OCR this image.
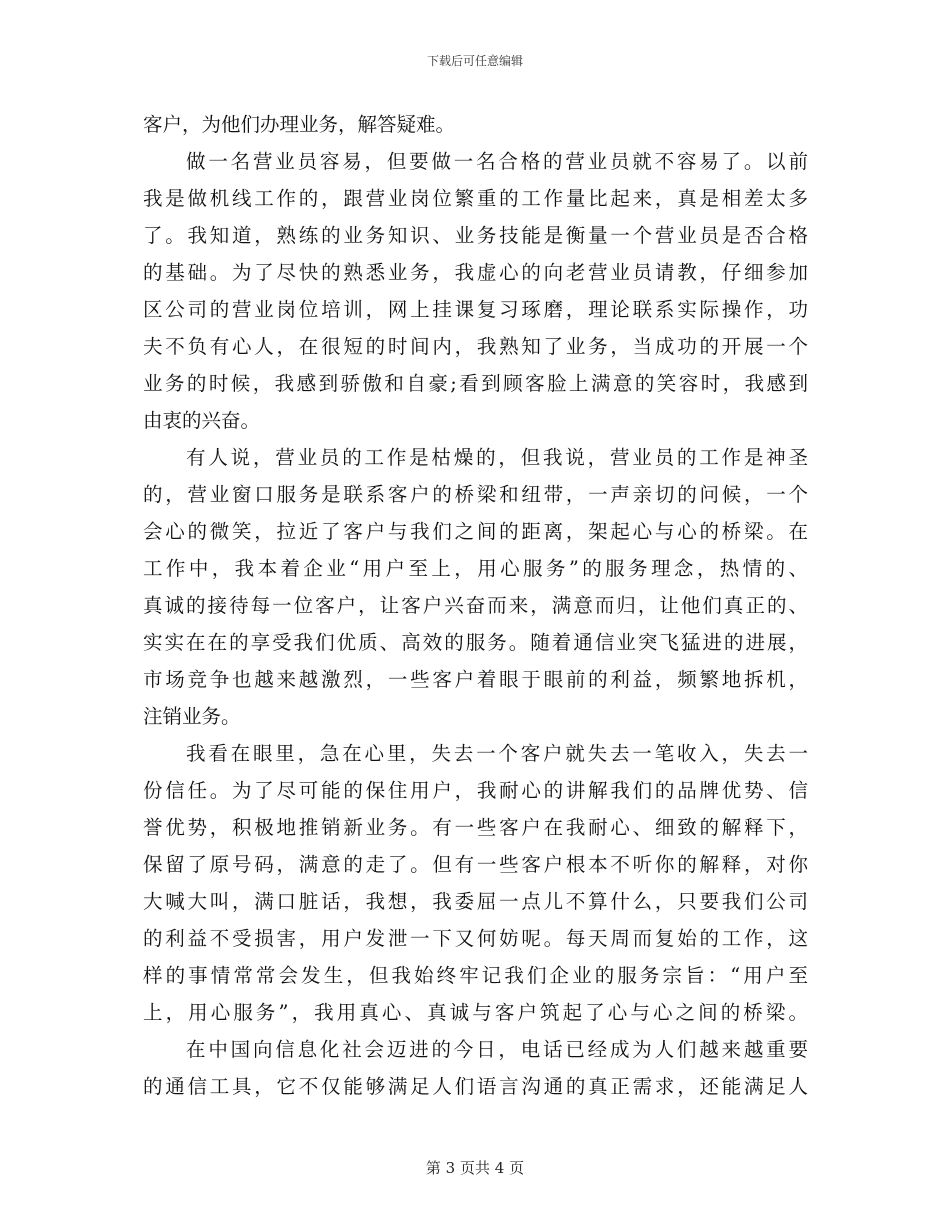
下载后可任意编辑
客户，为他们办理业务，解答疑难。
做一名营业员容易，但要做一名合格的营业员就不容易了。以前
我是做机线工作的，跟营业岗位繁重的工作量比起来，真是相差太多
了。我知道，熟练的业务知识、业务技能是衡量一个营业员是否合格
的基础。为了尽快的熟悉业务，我虚心的向老营业员请教，仔细参加
区公司的营业岗位培训，网上挂课复习琢磨，理论联系实际操作，功
夫不负有心人，在很短的时间内，我熟知了业务，当成功的开展一个
业务的时候，我感到骄傲和自豪;看到顾客脸上满意的笑容时，我感到
由衷的兴奋。
有人说，营业员的工作是枯燥的，但我说，营业员的工作是神圣
的，营业窗口服务是联系客户的桥梁和纽带，一声亲切的问候，一个
会心的微笑，拉近了客户与我们之间的距离，架起心与心的桥梁。在
工作中，我本着企业“用户至上，用心服务”的服务理念，热情的、
真诚的接待每一位客户，让客户兴奋而来，满意而归，让他们真正的、
实实在在的享受我们优质、高效的服务。随着通信业突飞猛进的进展，
市场竞争也越来越激烈，一些客户着眼于眼前的利益，频繁地拆机，
注销业务。
我看在眼里，急在心里，失去一个客户就失去一笔收入，失去一
份信任。为了尽可能的保住用户，我耐心的讲解我们的品牌优势、信
誉优势，积极地推销新业务。有一些客户在我耐心、细致的解释下，
保留了原号码，满意的走了。但有一些客户根本不听你的解释，对你
大喊大叫，满口脏话，我想，我委屈一点儿不算什么，只要我们公司
的利益不受损害，用户发泄一下又何妨呢。每天周而复始的工作，这
样的事情常常会发生，但我始终牢记我们企业的服务宗旨：“用户至
上，用心服务”，我用真心、真诚与客户筑起了心与心之间的桥梁。
在中国向信息化社会迈进的今日，电话已经成为人们越来越重要
的通信工具，它不仅能够满足人们语言沟通的真正需求，还能满足人
第 3 页共 4 页
